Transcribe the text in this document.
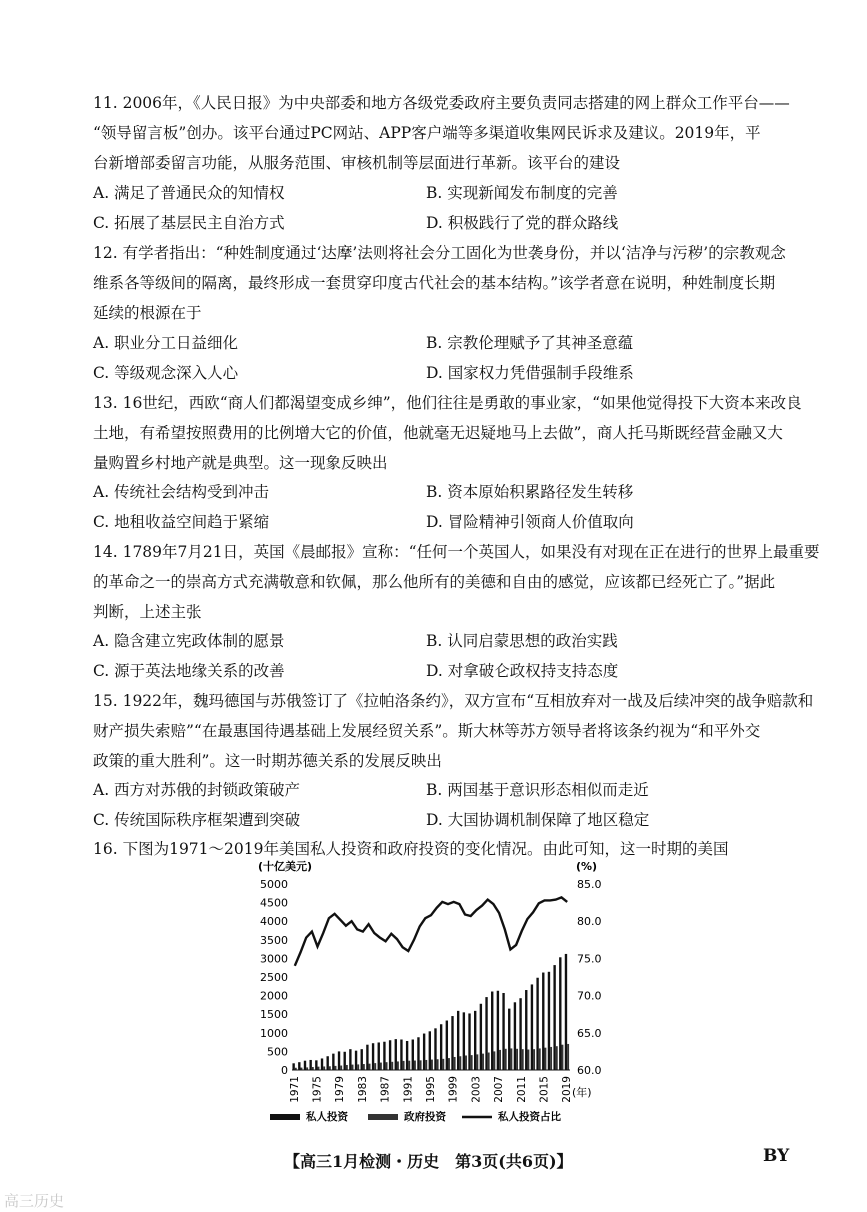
11. 2006年，《人民日报》为中央部委和地方各级党委政府主要负责同志搭建的网上群众工作平台——
“领导留言板”创办。该平台通过PC网站、APP客户端等多渠道收集网民诉求及建议。2019年，平
台新增部委留言功能，从服务范围、审核机制等层面进行革新。该平台的建设
A. 满足了普通民众的知情权	B. 实现新闻发布制度的完善
C. 拓展了基层民主自治方式	D. 积极践行了党的群众路线
12. 有学者指出：“种姓制度通过‘达摩’法则将社会分工固化为世袭身份，并以‘洁净与污秽’的宗教观念
维系各等级间的隔离，最终形成一套贯穿印度古代社会的基本结构。”该学者意在说明，种姓制度长期
延续的根源在于
A. 职业分工日益细化	B. 宗教伦理赋予了其神圣意蕴
C. 等级观念深入人心	D. 国家权力凭借强制手段维系
13. 16世纪，西欧“商人们都渴望变成乡绅”，他们往往是勇敢的事业家，“如果他觉得投下大资本来改良
土地，有希望按照费用的比例增大它的价值，他就毫无迟疑地马上去做”，商人托马斯既经营金融又大
量购置乡村地产就是典型。这一现象反映出
A. 传统社会结构受到冲击	B. 资本原始积累路径发生转移
C. 地租收益空间趋于紧缩	D. 冒险精神引领商人价值取向
14. 1789年7月21日，英国《晨邮报》宣称：“任何一个英国人，如果没有对现在正在进行的世界上最重要
的革命之一的崇高方式充满敬意和钦佩，那么他所有的美德和自由的感觉，应该都已经死亡了。”据此
判断，上述主张
A. 隐含建立宪政体制的愿景	B. 认同启蒙思想的政治实践
C. 源于英法地缘关系的改善	D. 对拿破仑政权持支持态度
15. 1922年，魏玛德国与苏俄签订了《拉帕洛条约》，双方宣布“互相放弃对一战及后续冲突的战争赔款和
财产损失索赔”“在最惠国待遇基础上发展经贸关系”。斯大林等苏方领导者将该条约视为“和平外交
政策的重大胜利”。这一时期苏德关系的发展反映出
A. 西方对苏俄的封锁政策破产	B. 两国基于意识形态相似而走近
C. 传统国际秩序框架遭到突破	D. 大国协调机制保障了地区稳定
16. 下图为1971～2019年美国私人投资和政府投资的变化情况。由此可知，这一时期的美国
(十亿美元)	(%)
5000
4500
4000
3500
3000
2500
2000
1500
1000
500
0
85.0
80.0
75.0
70.0
65.0
60.0
1971 1975 1979 1983 1987 1991 1995 1999 2003 2007 2011 2015 2019
(年)
私人投资	政府投资	私人投资占比
【高三1月检测・历史　第3页(共6页)】	BY
高三历史
